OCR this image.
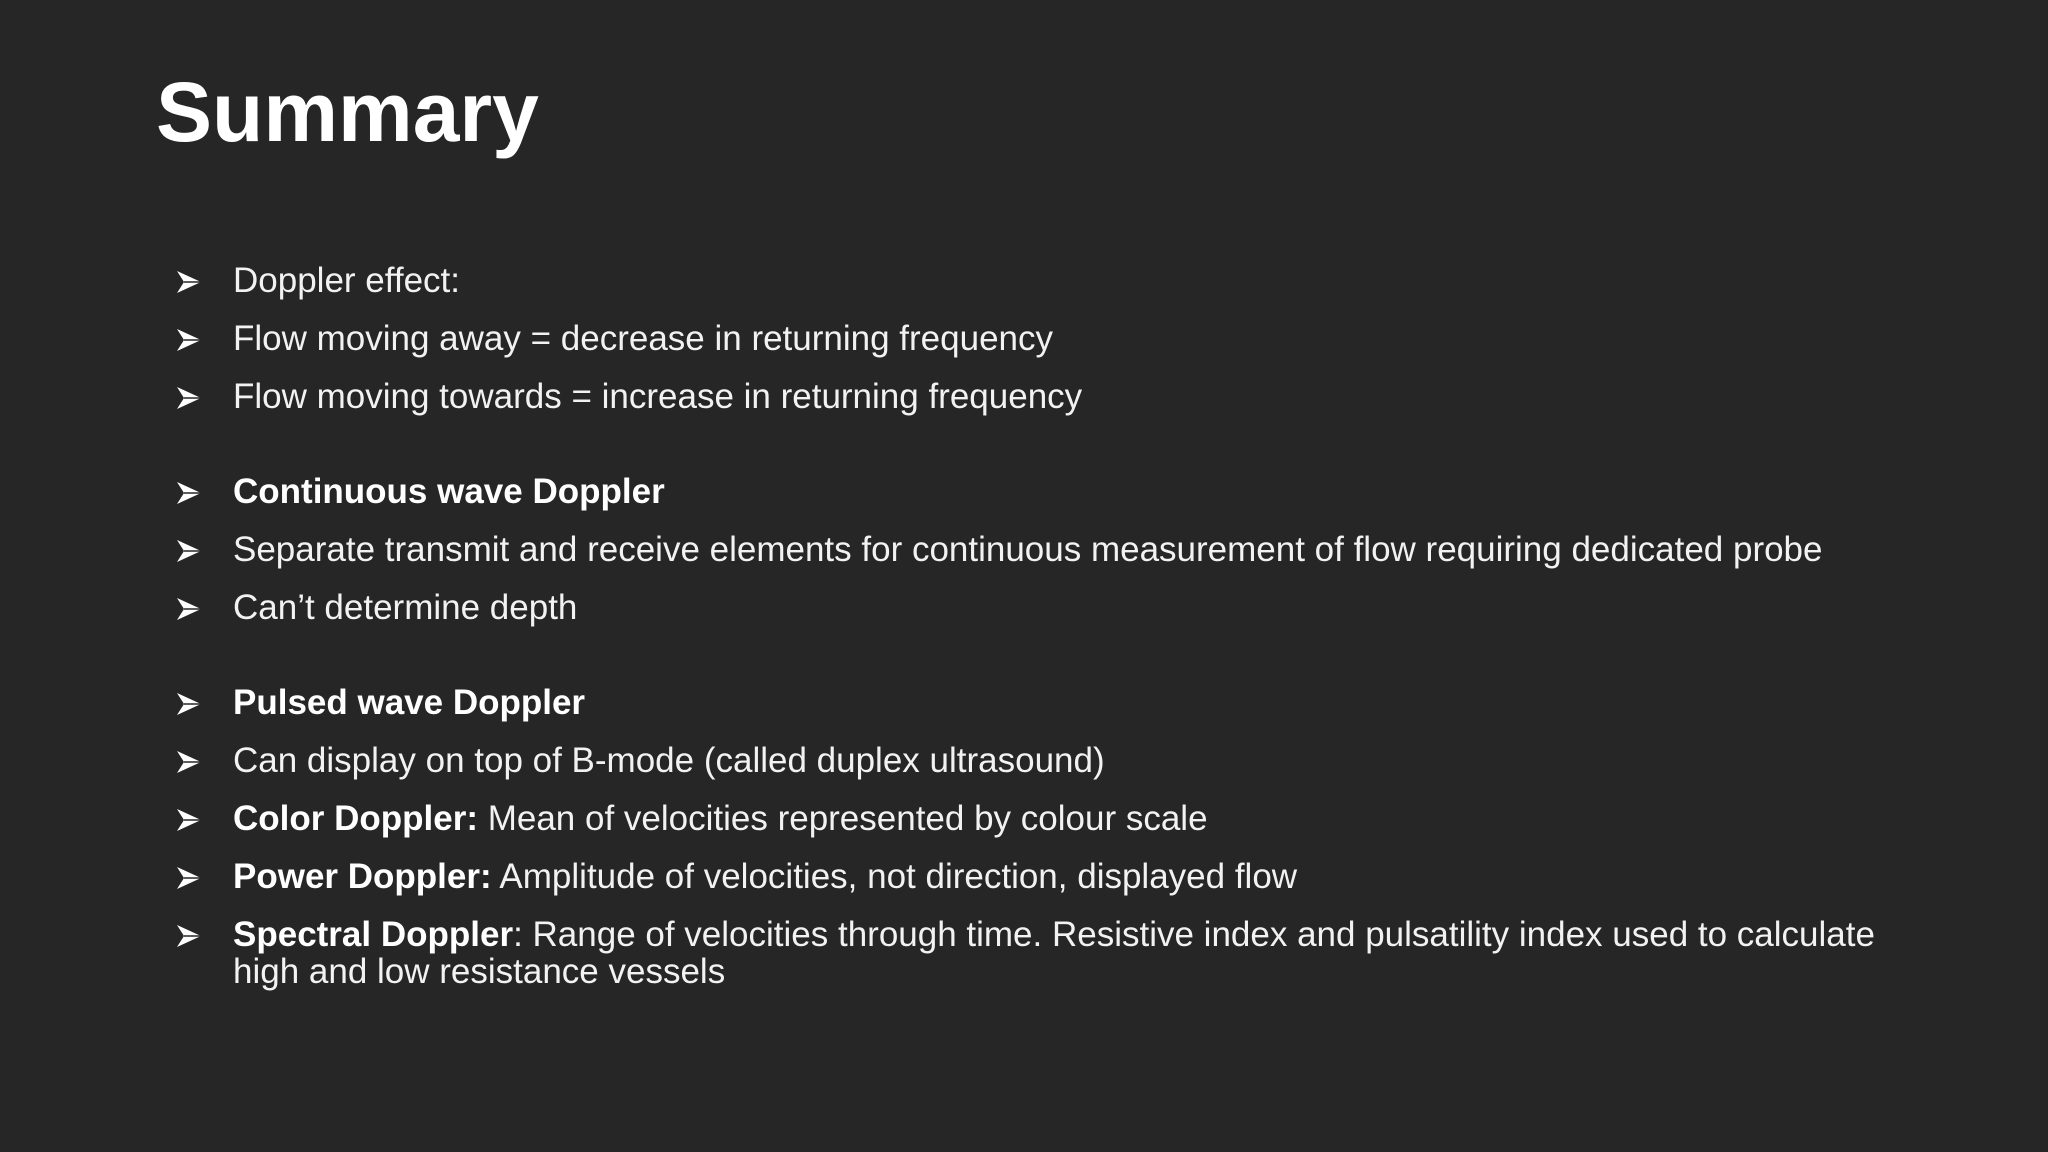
Summary
Doppler effect:
Flow moving away = decrease in returning frequency
Flow moving towards = increase in returning frequency
Continuous wave Doppler
Separate transmit and receive elements for continuous measurement of flow requiring dedicated probe
Can’t determine depth
Pulsed wave Doppler
Can display on top of B-mode (called duplex ultrasound)
Color Doppler: Mean of velocities represented by colour scale
Power Doppler: Amplitude of velocities, not direction, displayed flow
Spectral Doppler: Range of velocities through time. Resistive index and pulsatility index used to calculate high and low resistance vessels
